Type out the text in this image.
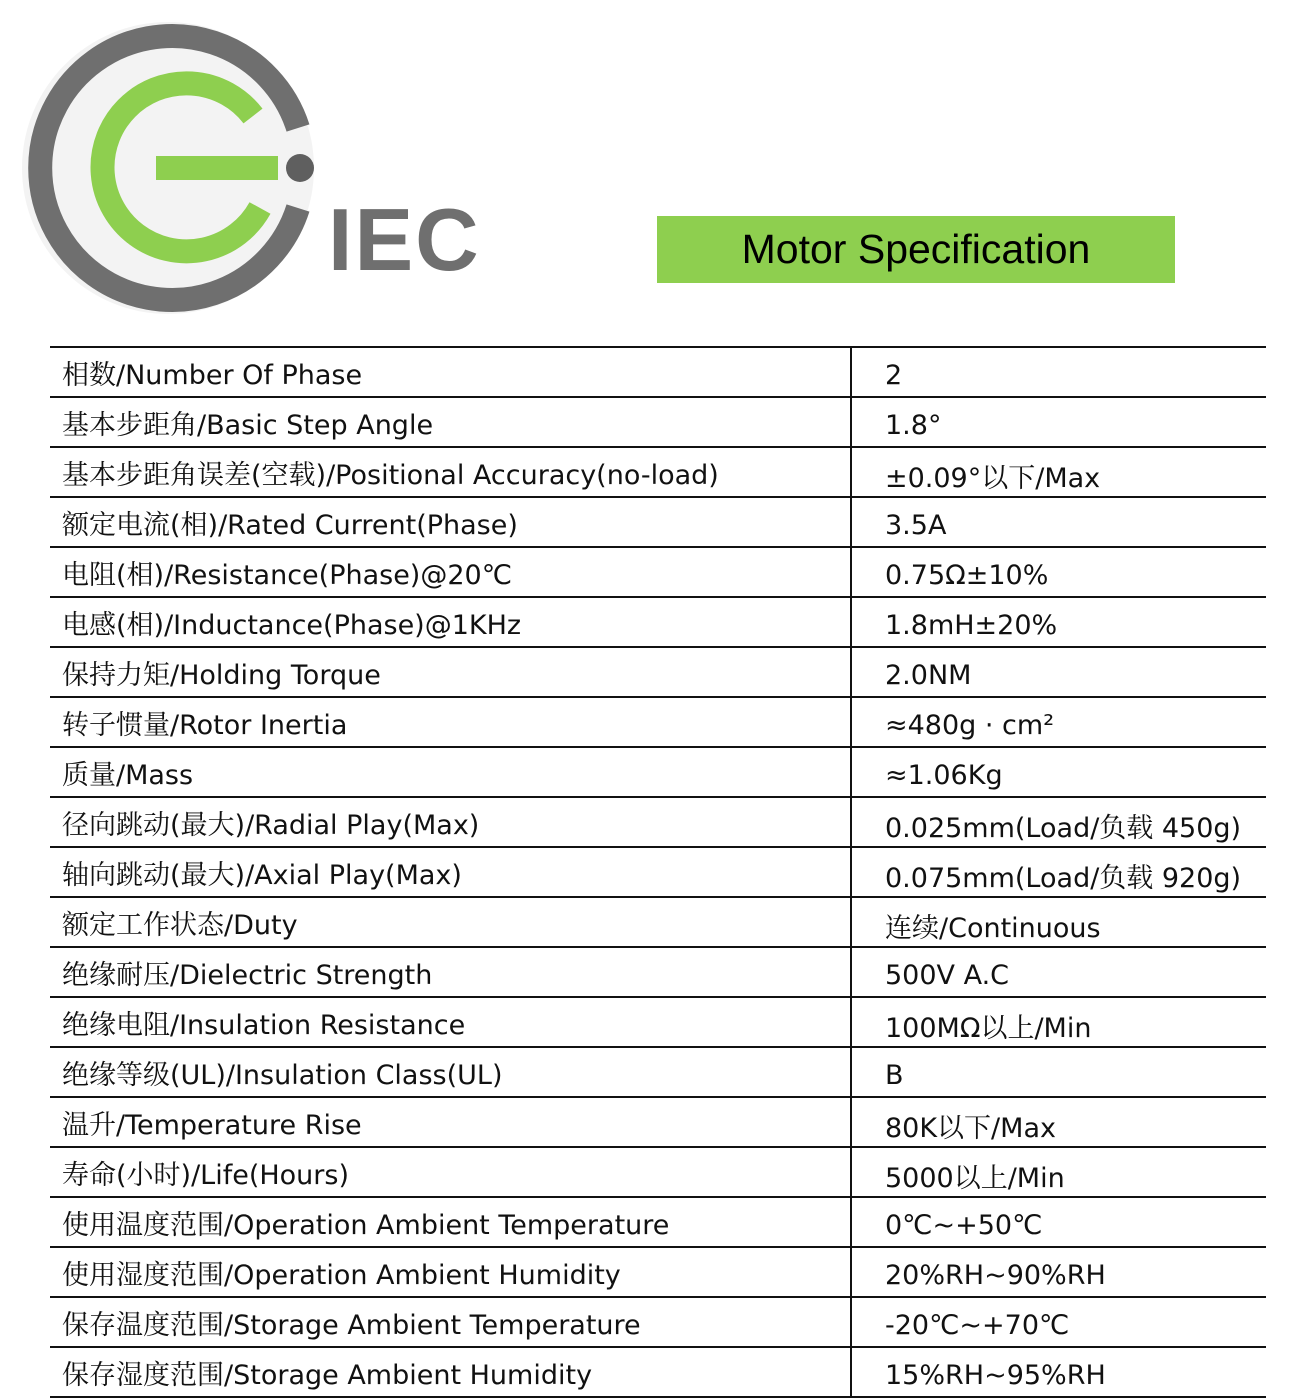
IEC	Motor Specification
相数/Number Of Phase	2
基本步距角/Basic Step Angle	1.8°
基本步距角误差(空载)/Positional Accuracy(no-load)	±0.09°以下/Max
额定电流(相)/Rated Current(Phase)	3.5A
电阻(相)/Resistance(Phase)@20℃	0.75Ω±10%
电感(相)/Inductance(Phase)@1KHz	1.8mH±20%
保持力矩/Holding Torque	2.0NM
转子惯量/Rotor Inertia	≈480g · cm²
质量/Mass	≈1.06Kg
径向跳动(最大)/Radial Play(Max)	0.025mm(Load/负载 450g)
轴向跳动(最大)/Axial Play(Max)	0.075mm(Load/负载 920g)
额定工作状态/Duty	连续/Continuous
绝缘耐压/Dielectric Strength	500V A.C
绝缘电阻/Insulation Resistance	100MΩ以上/Min
绝缘等级(UL)/Insulation Class(UL)	B
温升/Temperature Rise	80K以下/Max
寿命(小时)/Life(Hours)	5000以上/Min
使用温度范围/Operation Ambient Temperature	0℃~+50℃
使用湿度范围/Operation Ambient Humidity	20%RH~90%RH
保存温度范围/Storage Ambient Temperature	-20℃~+70℃
保存湿度范围/Storage Ambient Humidity	15%RH~95%RH
